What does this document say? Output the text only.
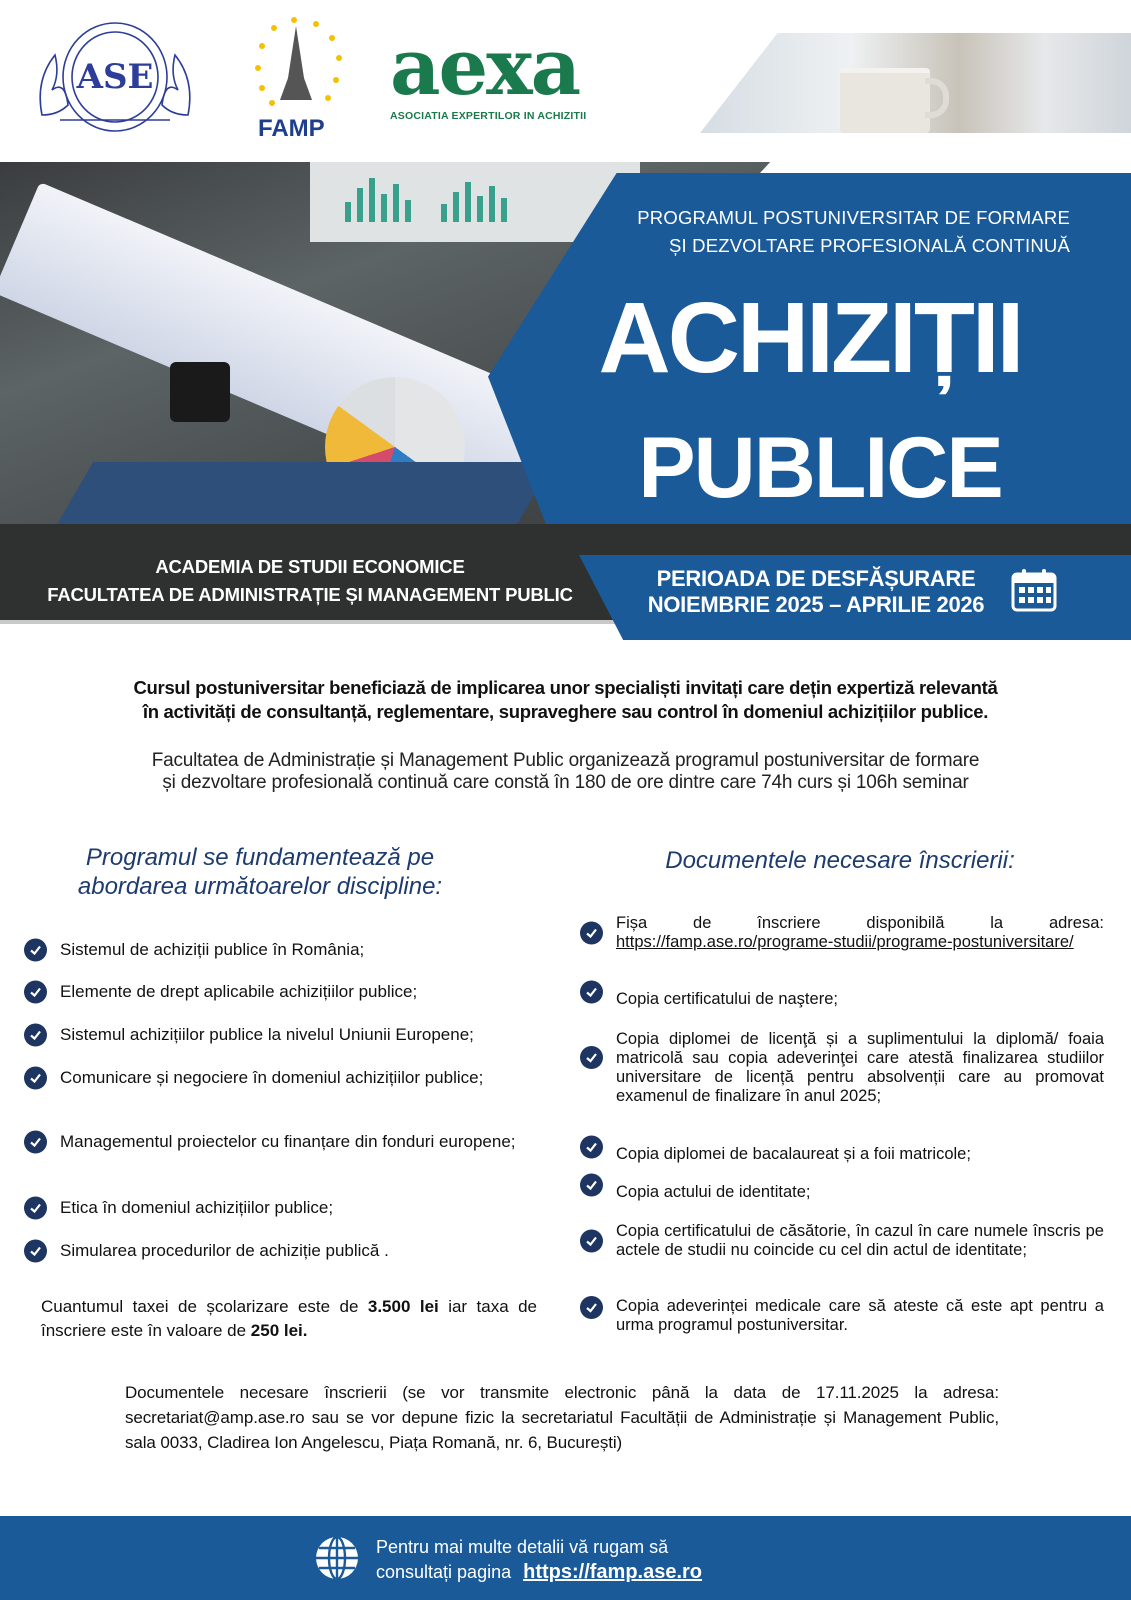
ASE
FAMP
aexa
ASOCIATIA EXPERTILOR IN ACHIZITII
PROGRAMUL POSTUNIVERSITAR DE FORMARE
ȘI DEZVOLTARE PROFESIONALĂ CONTINUĂ
ACHIZIȚII
PUBLICE
ACADEMIA DE STUDII ECONOMICE
FACULTATEA DE ADMINISTRAȚIE ȘI MANAGEMENT PUBLIC
PERIOADA DE DESFĂȘURARE
NOIEMBRIE 2025 – APRILIE 2026
Cursul postuniversitar beneficiază de implicarea unor specialiști invitați care dețin expertiză relevantă
în activități de consultanță, reglementare, supraveghere sau control în domeniul achizițiilor publice.
Facultatea de Administrație și Management Public organizează programul postuniversitar de formare
și dezvoltare profesională continuă care constă în 180 de ore dintre care 74h curs și 106h seminar
Programul se fundamentează pe
abordarea următoarelor discipline:
Sistemul de achiziții publice în România;
Elemente de drept aplicabile achizițiilor publice;
Sistemul achizițiilor publice la nivelul Uniunii Europene;
Comunicare și negociere în domeniul achizițiilor publice;
Managementul proiectelor cu finanțare din fonduri europene;
Etica în domeniul achizițiilor publice;
Simularea procedurilor de achiziție publică .
Cuantumul taxei de școlarizare este de 3.500 lei iar taxa de înscriere este în valoare de 250 lei.
Documentele necesare înscrierii:
Fișa de înscriere disponibilă la adresa: https://famp.ase.ro/programe-studii/programe-postuniversitare/
Copia certificatului de naştere;
Copia diplomei de licenţă și a suplimentului la diplomă/ foaia matricolă sau copia adeverinţei care atestă finalizarea studiilor universitare de licență pentru absolvenții care au promovat examenul de finalizare în anul 2025;
Copia diplomei de bacalaureat și a foii matricole;
Copia actului de identitate;
Copia certificatului de căsătorie, în cazul în care numele înscris pe actele de studii nu coincide cu cel din actul de identitate;
Copia adeverinței medicale care să ateste că este apt pentru a urma programul postuniversitar.
Documentele necesare înscrierii (se vor transmite electronic până la data de 17.11.2025 la adresa: secretariat@amp.ase.ro sau se vor depune fizic la secretariatul Facultății de Administrație și Management Public, sala 0033, Cladirea Ion Angelescu, Piața Romană, nr. 6, București)
Pentru mai multe detalii vă rugam să
consultați pagina https://famp.ase.ro
